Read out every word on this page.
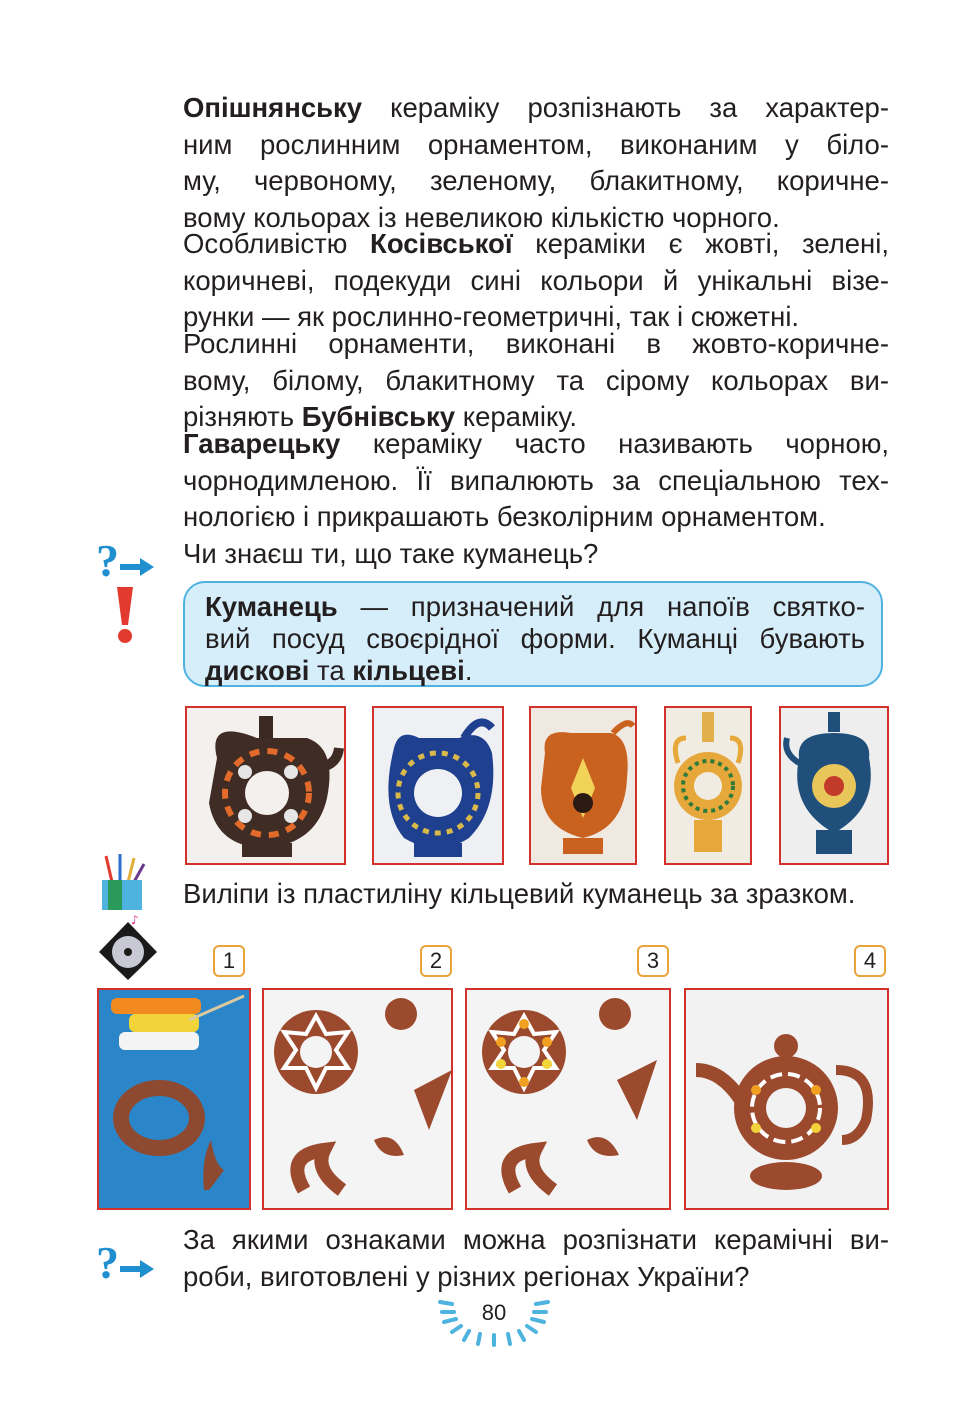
Опішнянську кераміку розпізнають за характер-
ним рослинним орнаментом, виконаним у біло-
му, червоному, зеленому, блакитному, коричне-
вому кольорах із невеликою кількістю чорного.
Особливістю Косівської кераміки є жовті, зелені,
коричневі, подекуди сині кольори й унікальні візе-
рунки — як рослинно-геометричні, так і сюжетні.
Рослинні орнаменти, виконані в жовто-коричне-
вому, білому, блакитному та сірому кольорах ви-
різняють Бубнівську кераміку.
Гаварецьку кераміку часто називають чорною,
чорнодимленою. Її випалюють за спеціальною тех-
нологією і прикрашають безколірним орнаментом.
? Чи знаєш ти, що таке куманець?
Куманець — призначений для напоїв святко-
вий посуд своєрідної форми. Куманці бувають
дискові та кільцеві.
Виліпи із пластиліну кільцевий куманець за зразком.
♪
1	2	3	4
? За якими ознаками можна розпізнати керамічні ви-
роби, виготовлені у різних регіонах України?
80
